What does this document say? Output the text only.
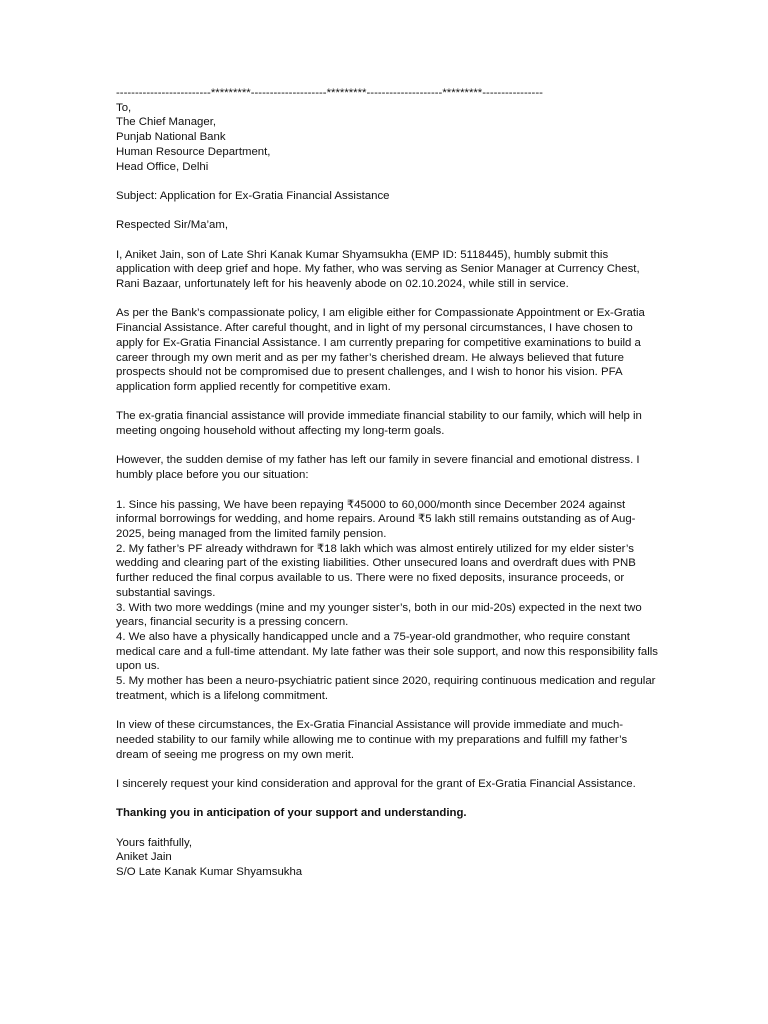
-------------------------*********--------------------*********--------------------*********----------------
To,
The Chief Manager,
Punjab National Bank
Human Resource Department,
Head Office, Delhi

Subject: Application for Ex-Gratia Financial Assistance

Respected Sir/Ma’am,

I, Aniket Jain, son of Late Shri Kanak Kumar Shyamsukha (EMP ID: 5118445), humbly submit this application with deep grief and hope. My father, who was serving as Senior Manager at Currency Chest, Rani Bazaar, unfortunately left for his heavenly abode on 02.10.2024, while still in service.

As per the Bank’s compassionate policy, I am eligible either for Compassionate Appointment or Ex-Gratia Financial Assistance. After careful thought, and in light of my personal circumstances, I have chosen to apply for Ex-Gratia Financial Assistance. I am currently preparing for competitive examinations to build a career through my own merit and as per my father’s cherished dream. He always believed that future prospects should not be compromised due to present challenges, and I wish to honor his vision. PFA application form applied recently for competitive exam.

The ex-gratia financial assistance will provide immediate financial stability to our family, which will help in meeting ongoing household without affecting my long-term goals.

However, the sudden demise of my father has left our family in severe financial and emotional distress. I humbly place before you our situation:

1. Since his passing, We have been repaying ₹45000 to 60,000/month since December 2024 against informal borrowings for wedding, and home repairs. Around ₹5 lakh still remains outstanding as of Aug-2025, being managed from the limited family pension.

2. My father’s PF already withdrawn for ₹18 lakh which was almost entirely utilized for my elder sister’s wedding and clearing part of the existing liabilities. Other unsecured loans and overdraft dues with PNB further reduced the final corpus available to us. There were no fixed deposits, insurance proceeds, or substantial savings.

3. With two more weddings (mine and my younger sister’s, both in our mid-20s) expected in the next two years, financial security is a pressing concern.

4. We also have a physically handicapped uncle and a 75-year-old grandmother, who require constant medical care and a full-time attendant. My late father was their sole support, and now this responsibility falls upon us.

5. My mother has been a neuro-psychiatric patient since 2020, requiring continuous medication and regular treatment, which is a lifelong commitment.

In view of these circumstances, the Ex-Gratia Financial Assistance will provide immediate and much-needed stability to our family while allowing me to continue with my preparations and fulfill my father’s dream of seeing me progress on my own merit.

I sincerely request your kind consideration and approval for the grant of Ex-Gratia Financial Assistance.

Thanking you in anticipation of your support and understanding.

Yours faithfully,
Aniket Jain
S/O Late Kanak Kumar Shyamsukha
